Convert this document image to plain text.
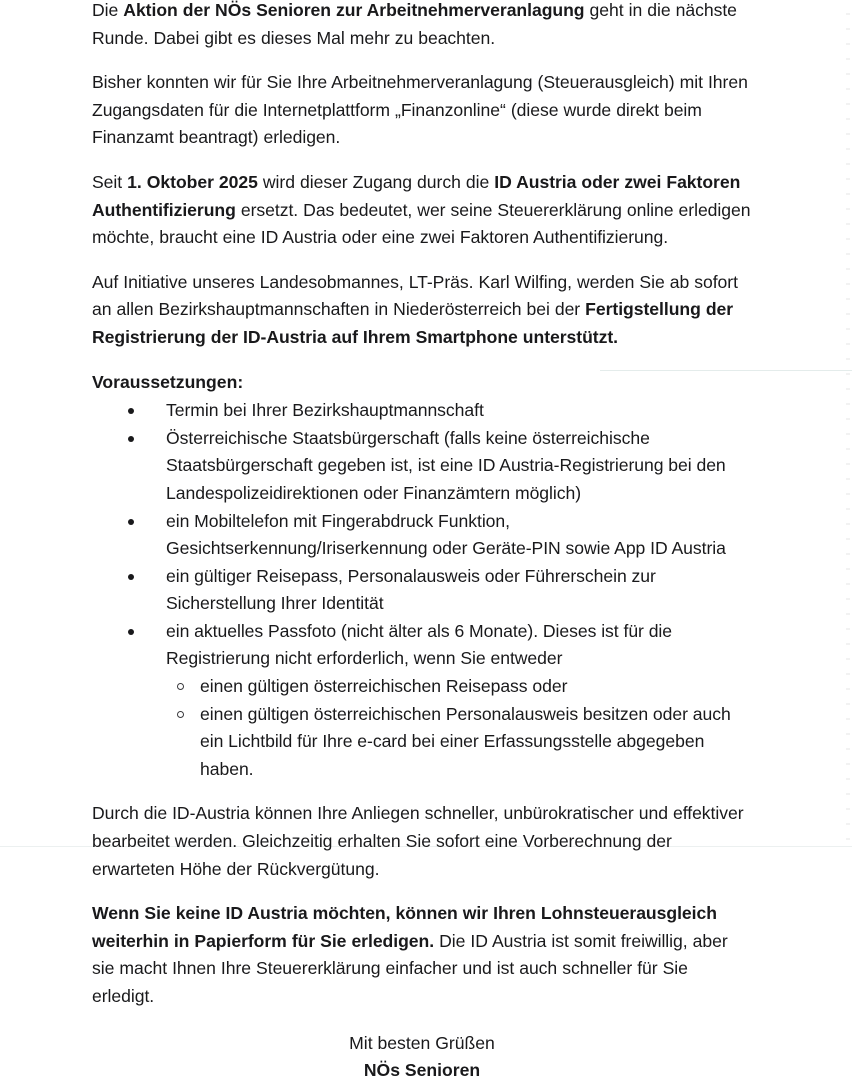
Die Aktion der NÖs Senioren zur Arbeitnehmerveranlagung geht in die nächste Runde. Dabei gibt es dieses Mal mehr zu beachten.

Bisher konnten wir für Sie Ihre Arbeitnehmerveranlagung (Steuerausgleich) mit Ihren Zugangsdaten für die Internetplattform „Finanzonline“ (diese wurde direkt beim Finanzamt beantragt) erledigen.

Seit 1. Oktober 2025 wird dieser Zugang durch die ID Austria oder zwei Faktoren Authentifizierung ersetzt. Das bedeutet, wer seine Steuererklärung online erledigen möchte, braucht eine ID Austria oder eine zwei Faktoren Authentifizierung.

Auf Initiative unseres Landesobmannes, LT-Präs. Karl Wilfing, werden Sie ab sofort an allen Bezirkshauptmannschaften in Niederösterreich bei der Fertigstellung der Registrierung der ID-Austria auf Ihrem Smartphone unterstützt.

Voraussetzungen:
Termin bei Ihrer Bezirkshauptmannschaft
Österreichische Staatsbürgerschaft (falls keine österreichische Staatsbürgerschaft gegeben ist, ist eine ID Austria-Registrierung bei den Landespolizeidirektionen oder Finanzämtern möglich)
ein Mobiltelefon mit Fingerabdruck Funktion, Gesichtserkennung/Iriserkennung oder Geräte-PIN sowie App ID Austria
ein gültiger Reisepass, Personalausweis oder Führerschein zur Sicherstellung Ihrer Identität
ein aktuelles Passfoto (nicht älter als 6 Monate). Dieses ist für die Registrierung nicht erforderlich, wenn Sie entweder
einen gültigen österreichischen Reisepass oder
einen gültigen österreichischen Personalausweis besitzen oder auch ein Lichtbild für Ihre e-card bei einer Erfassungsstelle abgegeben haben.

Durch die ID-Austria können Ihre Anliegen schneller, unbürokratischer und effektiver bearbeitet werden. Gleichzeitig erhalten Sie sofort eine Vorberechnung der erwarteten Höhe der Rückvergütung.

Wenn Sie keine ID Austria möchten, können wir Ihren Lohnsteuerausgleich weiterhin in Papierform für Sie erledigen. Die ID Austria ist somit freiwillig, aber sie macht Ihnen Ihre Steuererklärung einfacher und ist auch schneller für Sie erledigt.

Mit besten Grüßen
NÖs Senioren
